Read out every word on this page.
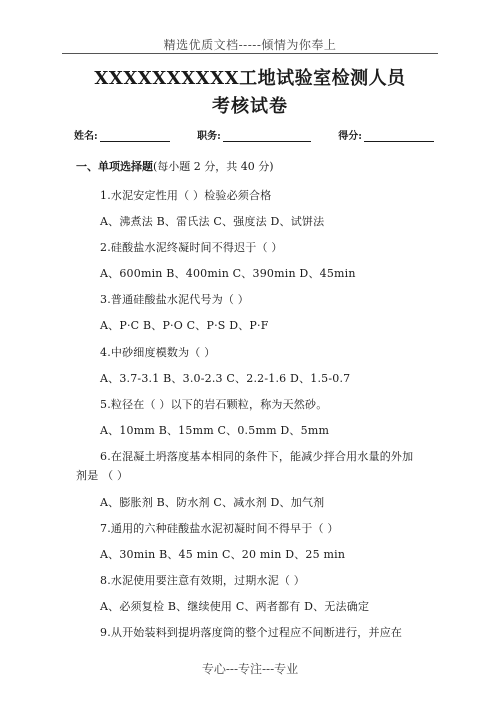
精选优质文档-----倾情为你奉上
XXXXXXXXXX工地试验室检测人员
考核试卷
姓名:	职务:	得分:
一、单项选择题(每小题 2 分，共 40 分)
1.水泥安定性用（ ）检验必须合格
A、沸煮法 B、雷氏法 C、强度法 D、试饼法
2.硅酸盐水泥终凝时间不得迟于（ ）
A、600min B、400min C、390min D、45min
3.普通硅酸盐水泥代号为（ ）
A、P·C B、P·O C、P·S D、P·F
4.中砂细度模数为（ ）
A、3.7-3.1 B、3.0-2.3 C、2.2-1.6 D、1.5-0.7
5.粒径在（ ）以下的岩石颗粒，称为天然砂。
A、10mm B、15mm C、0.5mm D、5mm
6.在混凝土坍落度基本相同的条件下，能减少拌合用水量的外加
剂是 （ ）
A、膨胀剂 B、防水剂 C、减水剂 D、加气剂
7.通用的六种硅酸盐水泥初凝时间不得早于（ ）
A、30min B、45 min C、20 min D、25 min
8.水泥使用要注意有效期，过期水泥（ ）
A、必须复检 B、继续使用 C、两者都有 D、无法确定
9.从开始装料到提坍落度筒的整个过程应不间断进行，并应在
专心---专注---专业
